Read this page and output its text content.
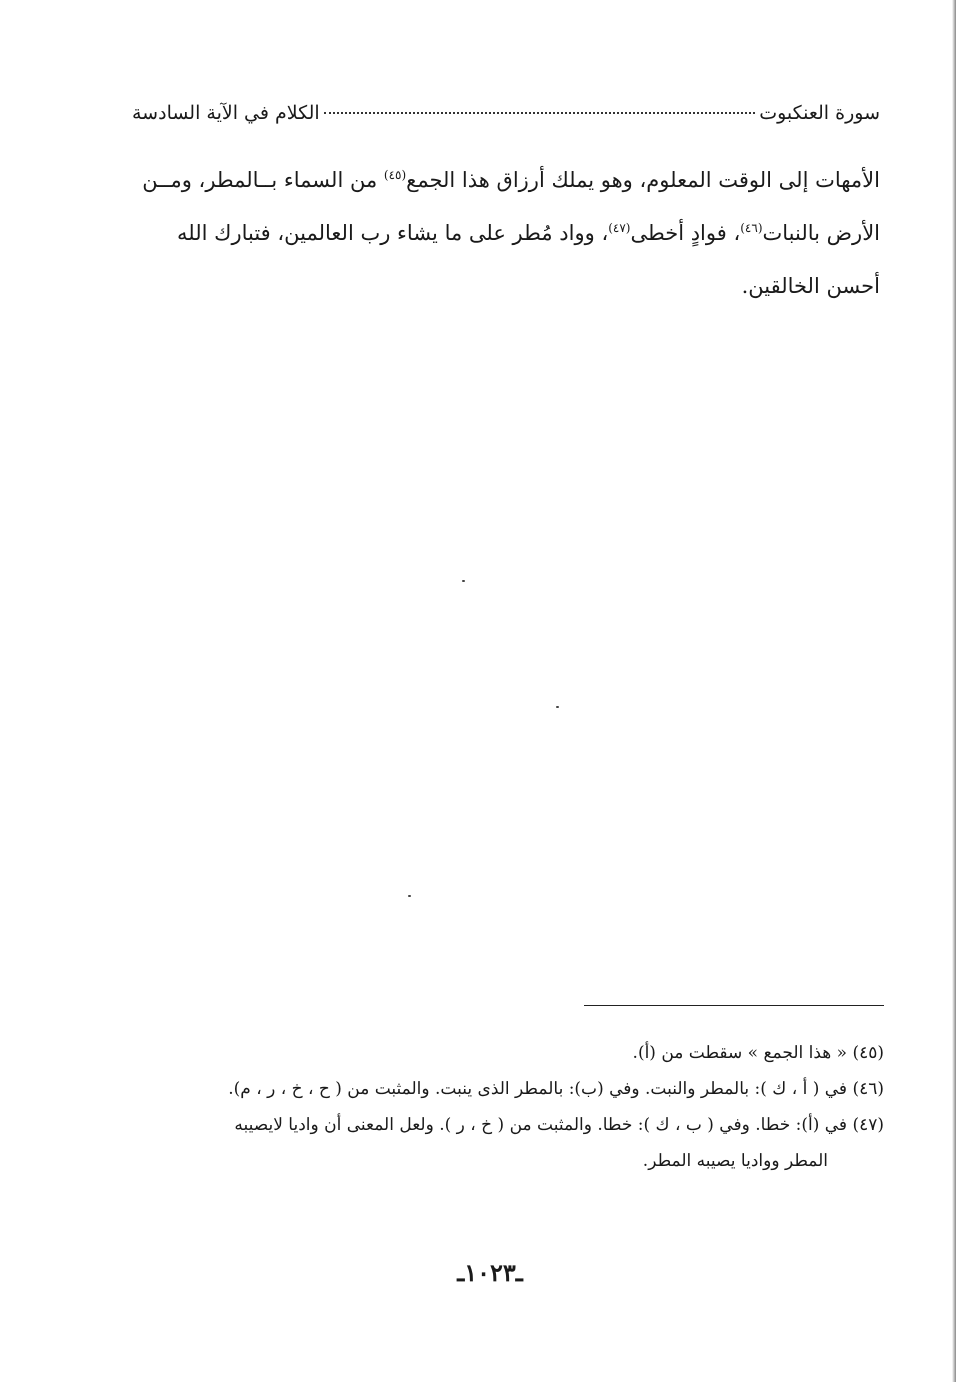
سورة العنكبوت
الكلام في الآية السادسة
الأمهات إلى الوقت المعلوم، وهو يملك أرزاق هذا الجمع$^{(٤٥)}$ من السماء بــالمطر، ومــن
الأرض بالنبات$^{(٤٦)}$، فوادٍ أخطى$^{(٤٧)}$، وواد مُطر على ما يشاء رب العالمين، فتبارك الله
أحسن الخالقين.
(٤٥) « هذا الجمع » سقطت من (أ).
(٤٦) في ( أ ، ك ): بالمطر والنبت. وفي (ب): بالمطر الذى ينبت. والمثبت من ( ح ، خ ، ر ، م).
(٤٧) في (أ): خطا. وفي ( ب ، ك ): خطا. والمثبت من ( خ ، ر ). ولعل المعنى أن واديا لايصيبه
المطر وواديا يصيبه المطر.
ـ١٠٢٣ـ
